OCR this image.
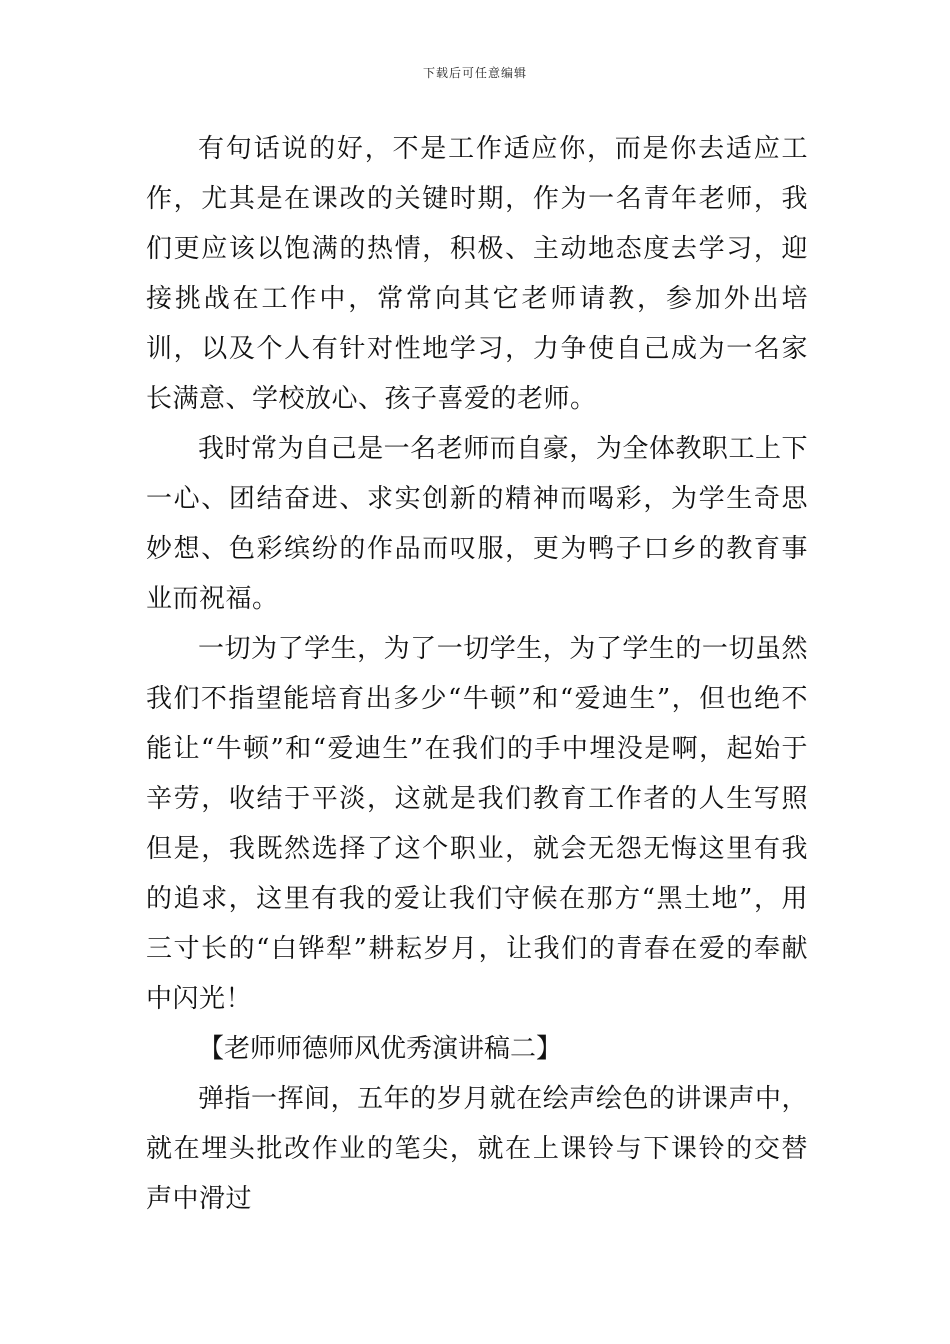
下载后可任意编辑

有句话说的好，不是工作适应你，而是你去适应工作，尤其是在课改的关键时期，作为一名青年老师，我们更应该以饱满的热情，积极、主动地态度去学习，迎接挑战在工作中，常常向其它老师请教，参加外出培训，以及个人有针对性地学习，力争使自己成为一名家长满意、学校放心、孩子喜爱的老师。

我时常为自己是一名老师而自豪，为全体教职工上下一心、团结奋进、求实创新的精神而喝彩，为学生奇思妙想、色彩缤纷的作品而叹服，更为鸭子口乡的教育事业而祝福。

一切为了学生，为了一切学生，为了学生的一切虽然我们不指望能培育出多少“牛顿”和“爱迪生”，但也绝不能让“牛顿”和“爱迪生”在我们的手中埋没是啊，起始于辛劳，收结于平淡，这就是我们教育工作者的人生写照但是，我既然选择了这个职业，就会无怨无悔这里有我的追求，这里有我的爱让我们守候在那方“黑土地”，用三寸长的“白铧犁”耕耘岁月，让我们的青春在爱的奉献中闪光！

【老师师德师风优秀演讲稿二】

弹指一挥间，五年的岁月就在绘声绘色的讲课声中，就在埋头批改作业的笔尖，就在上课铃与下课铃的交替声中滑过
